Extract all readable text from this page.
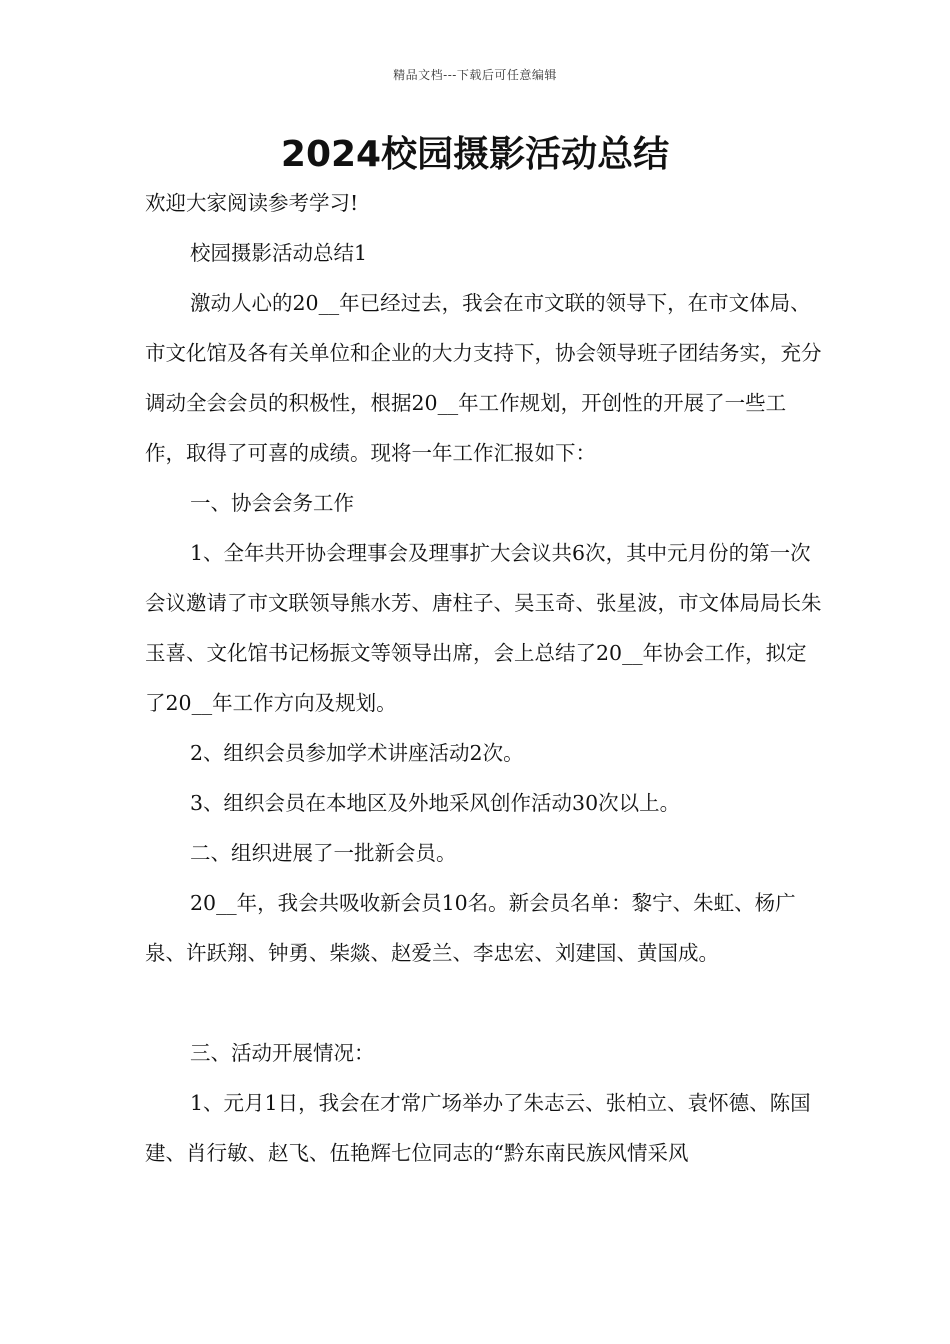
精品文档---下载后可任意编辑
2024校园摄影活动总结

欢迎大家阅读参考学习!

校园摄影活动总结1

激动人心的20__年已经过去，我会在市文联的领导下，在市文体局、市文化馆及各有关单位和企业的大力支持下，协会领导班子团结务实，充分调动全会会员的积极性，根据20__年工作规划，开创性的开展了一些工作，取得了可喜的成绩。现将一年工作汇报如下：

一、协会会务工作

1、全年共开协会理事会及理事扩大会议共6次，其中元月份的第一次会议邀请了市文联领导熊水芳、唐柱子、吴玉奇、张星波，市文体局局长朱玉喜、文化馆书记杨振文等领导出席，会上总结了20__年协会工作，拟定了20__年工作方向及规划。

2、组织会员参加学术讲座活动2次。

3、组织会员在本地区及外地采风创作活动30次以上。

二、组织进展了一批新会员。

20__年，我会共吸收新会员10名。新会员名单：黎宁、朱虹、杨广泉、许跃翔、钟勇、柴燚、赵爱兰、李忠宏、刘建国、黄国成。

三、活动开展情况：

1、元月1日，我会在才常广场举办了朱志云、张柏立、袁怀德、陈国建、肖行敏、赵飞、伍艳辉七位同志的“黔东南民族风情采风
